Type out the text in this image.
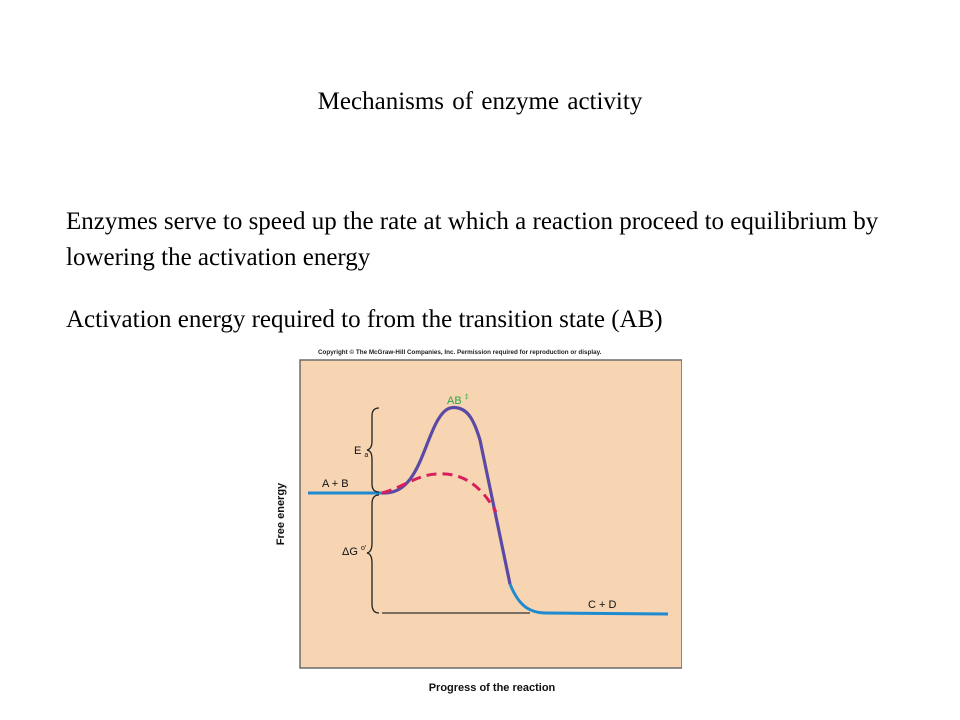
Mechanisms of enzyme activity
Enzymes serve to speed up the rate at which a reaction proceed to equilibrium by lowering the activation energy
Activation energy required to from the transition state (AB)
Copyright © The McGraw-Hill Companies, Inc. Permission required for reproduction or display.
Free energy
Progress of the reaction
A + B
C + D
AB ‡
E $_a$
ΔG $^{o'}$
